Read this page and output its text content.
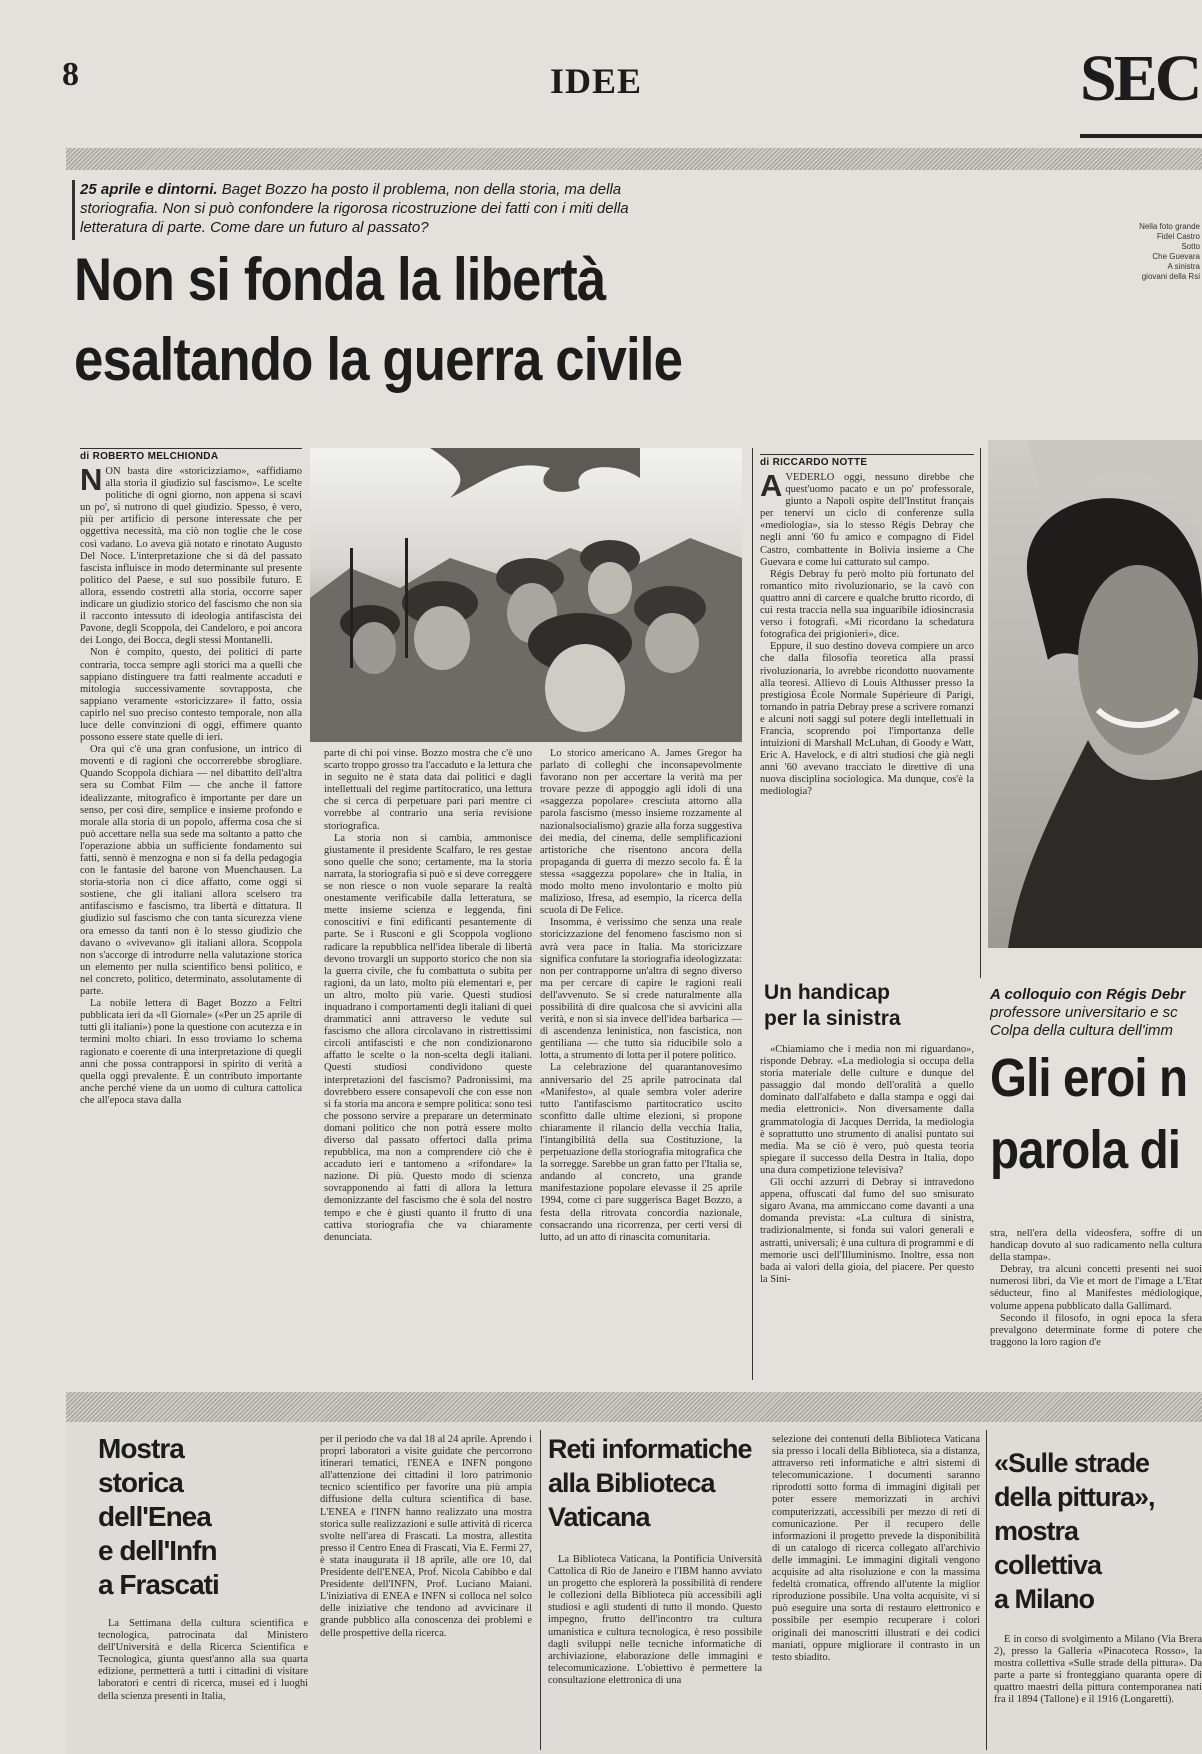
8	IDEE	SEC
25 aprile e dintorni. Baget Bozzo ha posto il problema, non della storia, ma della storiografia. Non si può confondere la rigorosa ricostruzione dei fatti con i miti della letteratura di parte. Come dare un futuro al passato?
Non si fonda la libertà
esaltando la guerra civile
Nella foto grande
Fidel Castro
Sotto
Che Guevara
A sinistra
giovani della Rsi
di ROBERTO MELCHIONDA

NON basta dire «storicizziamo», «affidiamo alla storia il giudizio sul fascismo». Le scelte politiche di ogni giorno, non appena si scavi un po', si nutrono di quel giudizio. Spesso, è vero, più per artificio di persone interessate che per oggettiva necessità, ma ciò non toglie che le cose così vadano. Lo aveva già notato e rinotato Augusto Del Noce. L'interpretazione che si dà del passato fascista influisce in modo determinante sul presente politico del Paese, e sul suo possibile futuro. E allora, essendo costretti alla storia, occorre saper indicare un giudizio storico del fascismo che non sia il racconto intessuto di ideologia antifascista dei Pavone, degli Scoppola, dei Candeloro, e poi ancora dei Longo, dei Bocca, degli stessi Montanelli.

Non è compito, questo, dei politici di parte contraria, tocca sempre agli storici ma a quelli che sappiano distinguere tra fatti realmente accaduti e mitologia successivamente sovrapposta, che sappiano veramente «storicizzare» il fatto, ossia capirlo nel suo preciso contesto temporale, non alla luce delle convinzioni di oggi, effimere quanto possono essere state quelle di ieri.

Ora qui c'è una gran confusione, un intrico di moventi e di ragioni che occorrerebbe sbrogliare. Quando Scoppola dichiara — nel dibattito dell'altra sera su Combat Film — che anche il fattore idealizzante, mitografico è importante per dare un senso, per così dire, semplice e insieme profondo e morale alla storia di un popolo, afferma cosa che si può accettare nella sua sede ma soltanto a patto che l'operazione abbia un sufficiente fondamento sui fatti, sennò è menzogna e non si fa della pedagogia con le fantasie del barone von Muenchausen. La storia-storia non ci dice affatto, come oggi si sostiene, che gli italiani allora scelsero tra antifascismo e fascismo, tra libertà e dittatura. Il giudizio sul fascismo che con tanta sicurezza viene ora emesso da tanti non è lo stesso giudizio che davano o «vivevano» gli italiani allora. Scoppola non s'accorge di introdurre nella valutazione storica un elemento per nulla scientifico bensì politico, e nel concreto, politico, determinato, assolutamente di parte.

La nobile lettera di Baget Bozzo a Feltri pubblicata ieri da «Il Giornale» («Per un 25 aprile di tutti gli italiani») pone la questione con acutezza e in termini molto chiari. In esso troviamo lo schema ragionato e coerente di una interpretazione di quegli anni che possa contrapporsi in spirito di verità a quella oggi prevalente. È un contributo importante anche perché viene da un uomo di cultura cattolica che all'epoca stava dalla

parte di chi poi vinse. Bozzo mostra che c'è uno scarto troppo grosso tra l'accaduto e la lettura che in seguito ne è stata data dai politici e dagli intellettuali del regime partitocratico, una lettura che si cerca di perpetuare pari pari mentre ci vorrebbe al contrario una seria revisione storiografica.

La storia non si cambia, ammonisce giustamente il presidente Scalfaro, le res gestae sono quelle che sono; certamente, ma la storia narrata, la storiografia si può e si deve correggere se non riesce o non vuole separare la realtà onestamente verificabile dalla letteratura, se mette insieme scienza e leggenda, fini conoscitivi e fini edificanti pesantemente di parte. Se i Rusconi e gli Scoppola vogliono radicare la repubblica nell'idea liberale di libertà devono trovargli un supporto storico che non sia la guerra civile, che fu combattuta o subita per ragioni, da un lato, molto più elementari e, per un altro, molto più varie. Questi studiosi inquadrano i comportamenti degli italiani di quei drammatici anni attraverso le vedute sul fascismo che allora circolavano in ristrettissimi circoli antifascisti e che non condizionarono affatto le scelte o la non-scelta degli italiani. Questi studiosi condividono queste interpretazioni del fascismo? Padronissimi, ma dovrebbero essere consapevoli che con esse non si fa storia ma ancora e sempre politica: sono tesi che possono servire a preparare un determinato domani politico che non potrà essere molto diverso dal passato offertoci dalla prima repubblica, ma non a comprendere ciò che è accaduto ieri e tantomeno a «rifondare» la nazione. Di più. Questo modo di scienza sovrapponendo ai fatti di allora la lettura demonizzante del fascismo che è sola del nostro tempo e che è giusti quanto il frutto di una cattiva storiografia che va chiaramente denunciata.

Lo storico americano A. James Gregor ha parlato di colleghi che inconsapevolmente favorano non per accertare la verità ma per trovare pezze di appoggio agli idoli di una «saggezza popolare» cresciuta attorno alla parola fascismo (messo insieme rozzamente al nazionalsocialismo) grazie alla forza suggestiva dei media, del cinema, delle semplificazioni artistoriche che risentono ancora della propaganda di guerra di mezzo secolo fa. È la stessa «saggezza popolare» che in Italia, in modo molto meno involontario e molto più malizioso, Ifresa, ad esempio, la ricerca della scuola di De Felice.

Insomma, è verissimo che senza una reale storicizzazione del fenomeno fascismo non si avrà vera pace in Italia. Ma storicizzare significa confutare la storiografia ideologizzata: non per contrapporne un'altra di segno diverso ma per cercare di capire le ragioni reali dell'avvenuto. Se si crede naturalmente alla possibilità di dire qualcosa che si avvicini alla verità, e non si sia invece dell'idea barbarica — di ascendenza leninistica, non fascistica, non gentiliana — che tutto sia riducibile solo a lotta, a strumento di lotta per il potere politico.

La celebrazione del quarantanovesimo anniversario del 25 aprile patrocinata dal «Manifesto», al quale sembra voler aderire tutto l'antifascismo partitocratico uscito sconfitto dalle ultime elezioni, si propone chiaramente il rilancio della vecchia Italia, l'intangibilità della sua Costituzione, la perpetuazione della storiografia mitografica che la sorregge. Sarebbe un gran fatto per l'Italia se, andando al concreto, una grande manifestazione popolare elevasse il 25 aprile 1994, come ci pare suggerisca Baget Bozzo, a festa della ritrovata concordia nazionale, consacrando una ricorrenza, per certi versi di lutto, ad un atto di rinascita comunitaria.

di RICCARDO NOTTE

AVEDERLO oggi, nessuno direbbe che quest'uomo pacato e un po' professorale, giunto a Napoli ospite dell'Institut français per tenervi un ciclo di conferenze sulla «mediologia», sia lo stesso Régis Debray che negli anni '60 fu amico e compagno di Fidel Castro, combattente in Bolivia insieme a Che Guevara e come lui catturato sul campo.

Régis Debray fu però molto più fortunato del romantico mito rivoluzionario, se la cavò con quattro anni di carcere e qualche brutto ricordo, di cui resta traccia nella sua inguaribile idiosincrasia verso i fotografi. «Mi ricordano la schedatura fotografica dei prigionieri», dice.

Eppure, il suo destino doveva compiere un arco che dalla filosofia teoretica alla prassi rivoluzionaria, lo avrebbe ricondotto nuovamente alla teoresi. Allievo di Louis Althusser presso la prestigiosa École Normale Supérieure di Parigi, tornando in patria Debray prese a scrivere romanzi e alcuni noti saggi sul potere degli intellettuali in Francia, scoprendo poi l'importanza delle intuizioni di Marshall McLuhan, di Goody e Watt, Eric A. Havelock, e di altri studiosi che già negli anni '60 avevano tracciato le direttive di una nuova disciplina sociologica. Ma dunque, cos'è la mediologia?

Un handicap
per la sinistra

«Chiamiamo che i media non mi riguardano», risponde Debray. «La mediologia si occupa della storia materiale delle culture e dunque del passaggio dal mondo dell'oralità a quello dominato dall'alfabeto e dalla stampa e oggi dai media elettronici». Non diversamente dalla grammatologia di Jacques Derrida, la mediologia è soprattutto uno strumento di analisi puntato sui media. Ma se ciò è vero, può questa teoria spiegare il successo della Destra in Italia, dopo una dura competizione televisiva?

Gli occhi azzurri di Debray si intravedono appena, offuscati dal fumo del suo smisurato sigaro Avana, ma ammiccano come davanti a una domanda prevista: «La cultura di sinistra, tradizionalmente, si fonda sui valori generali e astratti, universali; è una cultura di programmi e di memorie uscì dell'Illuminismo. Inoltre, essa non bada ai valori della gioia, del piacere. Per questo la Sini-

A colloquio con Régis Debr
professore universitario e sc
Colpa della cultura dell'imm
Gli eroi n
parola di

stra, nell'era della videosfera, soffre di un handicap dovuto al suo radicamento nella cultura della stampa».

Debray, tra alcuni concetti presenti nei suoi numerosi libri, da Vie et mort de l'image a L'Etat séducteur, fino al Manifestes médiologique, volume appena pubblicato dalla Gallimard.

Secondo il filosofo, in ogni epoca la sfera prevalgono determinate forme di potere che traggono la loro ragion d'e

Mostra
storica
dell'Enea
e dell'Infn
a Frascati

La Settimana della cultura scientifica e tecnologica, patrocinata dal Ministero dell'Università e della Ricerca Scientifica e Tecnologica, giunta quest'anno alla sua quarta edizione, permetterà a tutti i cittadini di visitare laboratori e centri di ricerca, musei ed i luoghi della scienza presenti in Italia,

per il periodo che va dal 18 al 24 aprile. Aprendo i propri laboratori a visite guidate che percorrono itinerari tematici, l'ENEA e INFN pongono all'attenzione dei cittadini il loro patrimonio tecnico scientifico per favorire una più ampia diffusione della cultura scientifica di base. L'ENEA e l'INFN hanno realizzato una mostra storica sulle realizzazioni e sulle attività di ricerca svolte nell'area di Frascati. La mostra, allestita presso il Centro Enea di Frascati, Via E. Fermi 27, è stata inaugurata il 18 aprile, alle ore 10, dal Presidente dell'ENEA, Prof. Nicola Cabibbo e dal Presidente dell'INFN, Prof. Luciano Maiani. L'iniziativa di ENEA e INFN si colloca nel solco delle iniziative che tendono ad avvicinare il grande pubblico alla conoscenza dei problemi e delle prospettive della ricerca.

Reti informatiche
alla Biblioteca
Vaticana

La Biblioteca Vaticana, la Pontificia Università Cattolica di Rio de Janeiro e l'IBM hanno avviato un progetto che esplorerà la possibilità di rendere le collezioni della Biblioteca più accessibili agli studiosi e agli studenti di tutto il mondo. Questo impegno, frutto dell'incontro tra cultura umanistica e cultura tecnologica, è reso possibile dagli sviluppi nelle tecniche informatiche di archiviazione, elaborazione delle immagini e telecomunicazione. L'obiettivo è permettere la consultazione elettronica di una

selezione dei contenuti della Biblioteca Vaticana sia presso i locali della Biblioteca, sia a distanza, attraverso reti informatiche e altri sistemi di telecomunicazione. I documenti saranno riprodotti sotto forma di immagini digitali per poter essere memorizzati in archivi computerizzati, accessibili per mezzo di reti di comunicazione. Per il recupero delle informazioni il progetto prevede la disponibilità di un catalogo di ricerca collegato all'archivio delle immagini. Le immagini digitali vengono acquisite ad alta risoluzione e con la massima fedeltà cromatica, offrendo all'utente la miglior riproduzione possibile. Una volta acquisite, vi si può eseguire una sorta di restauro elettronico e possibile per esempio recuperare i colori originali dei manoscritti illustrati e dei codici maniati, oppure migliorare il contrasto in un testo sbiadito.

«Sulle strade
della pittura»,
mostra
collettiva
a Milano

È in corso di svolgimento a Milano (Via Brera 2), presso la Galleria «Pinacoteca Rosso», la mostra collettiva «Sulle strade della pittura». Da parte a parte si fronteggiano quaranta opere di quattro maestri della pittura contemporanea nati fra il 1894 (Tallone) e il 1916 (Longaretti).
